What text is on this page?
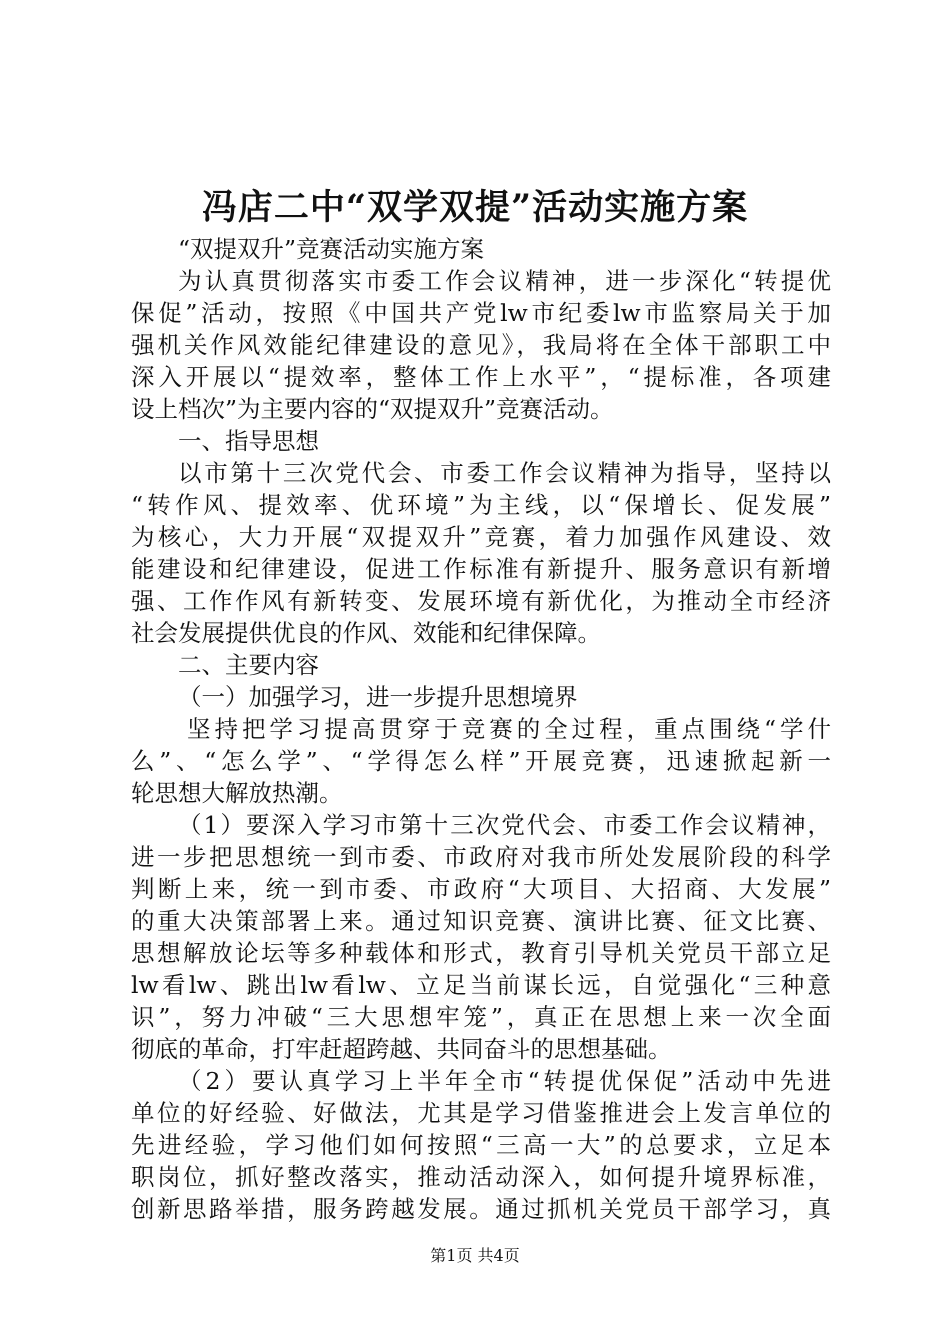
冯店二中“双学双提”活动实施方案
“双提双升”竞赛活动实施方案
为认真贯彻落实市委工作会议精神，进一步深化“转提优
保促”活动，按照《中国共产党lw市纪委lw市监察局关于加
强机关作风效能纪律建设的意见》，我局将在全体干部职工中
深入开展以“提效率，整体工作上水平”，“提标准，各项建
设上档次”为主要内容的“双提双升”竞赛活动。
一、指导思想
以市第十三次党代会、市委工作会议精神为指导，坚持以
“转作风、提效率、优环境”为主线，以“保增长、促发展”
为核心，大力开展“双提双升”竞赛，着力加强作风建设、效
能建设和纪律建设，促进工作标准有新提升、服务意识有新增
强、工作作风有新转变、发展环境有新优化，为推动全市经济
社会发展提供优良的作风、效能和纪律保障。
二、主要内容
（一）加强学习，进一步提升思想境界
坚持把学习提高贯穿于竞赛的全过程，重点围绕“学什
么”、“怎么学”、“学得怎么样”开展竞赛，迅速掀起新一
轮思想大解放热潮。
（1）要深入学习市第十三次党代会、市委工作会议精神，
进一步把思想统一到市委、市政府对我市所处发展阶段的科学
判断上来，统一到市委、市政府“大项目、大招商、大发展”
的重大决策部署上来。通过知识竞赛、演讲比赛、征文比赛、
思想解放论坛等多种载体和形式，教育引导机关党员干部立足
lw看lw、跳出lw看lw、立足当前谋长远，自觉强化“三种意
识”，努力冲破“三大思想牢笼”，真正在思想上来一次全面
彻底的革命，打牢赶超跨越、共同奋斗的思想基础。
（2）要认真学习上半年全市“转提优保促”活动中先进
单位的好经验、好做法，尤其是学习借鉴推进会上发言单位的
先进经验，学习他们如何按照“三高一大”的总要求，立足本
职岗位，抓好整改落实，推动活动深入，如何提升境界标准，
创新思路举措，服务跨越发展。通过抓机关党员干部学习，真
第1页 共4页
